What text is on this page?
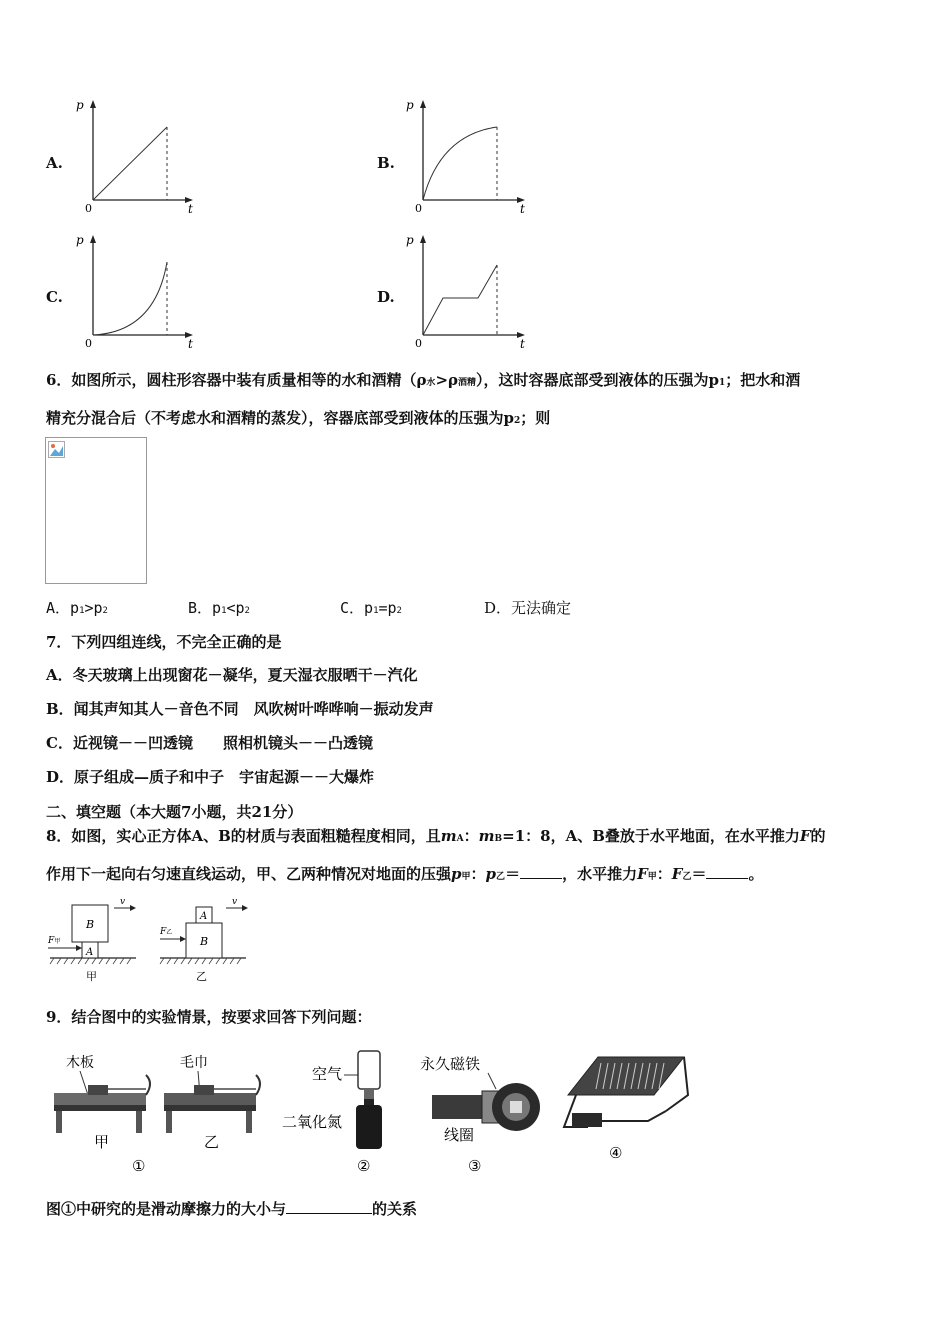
A.	B.
C.	D.
p
t
0
p
t
0
p
t
0
p
t
0
6．如图所示，圆柱形容器中装有质量相等的水和酒精（ρ水>ρ酒精），这时容器底部受到液体的压强为p1；把水和酒
精充分混合后（不考虑水和酒精的蒸发），容器底部受到液体的压强为p2；则
A．p1>p2	B．p1<p2	C．p1=p2	D．无法确定
7．下列四组连线，不完全正确的是
A．冬天玻璃上出现窗花－凝华，夏天湿衣服晒干－汽化
B．闻其声知其人－音色不同　风吹树叶哗哗响－振动发声
C．近视镜－－凹透镜　　照相机镜头－－凸透镜
D．原子组成—质子和中子　宇宙起源－－大爆炸
二、填空题（本大题7小题，共21分）
8．如图，实心正方体A、B的材质与表面粗糙程度相同，且mA：mB=1：8，A、B叠放于水平地面，在水平推力F的
作用下一起向右匀速直线运动，甲、乙两种情况对地面的压强p甲：p乙＝	，水平推力F甲：F乙＝	。
A
B
v
F甲
甲
B
A
v
F乙
乙
9．结合图中的实验情景，按要求回答下列问题：
木板
甲
毛巾
乙
①
空气
二氧化氮
②
永久磁铁
线圈
③
④
图①中研究的是滑动摩擦力的大小与	的关系
